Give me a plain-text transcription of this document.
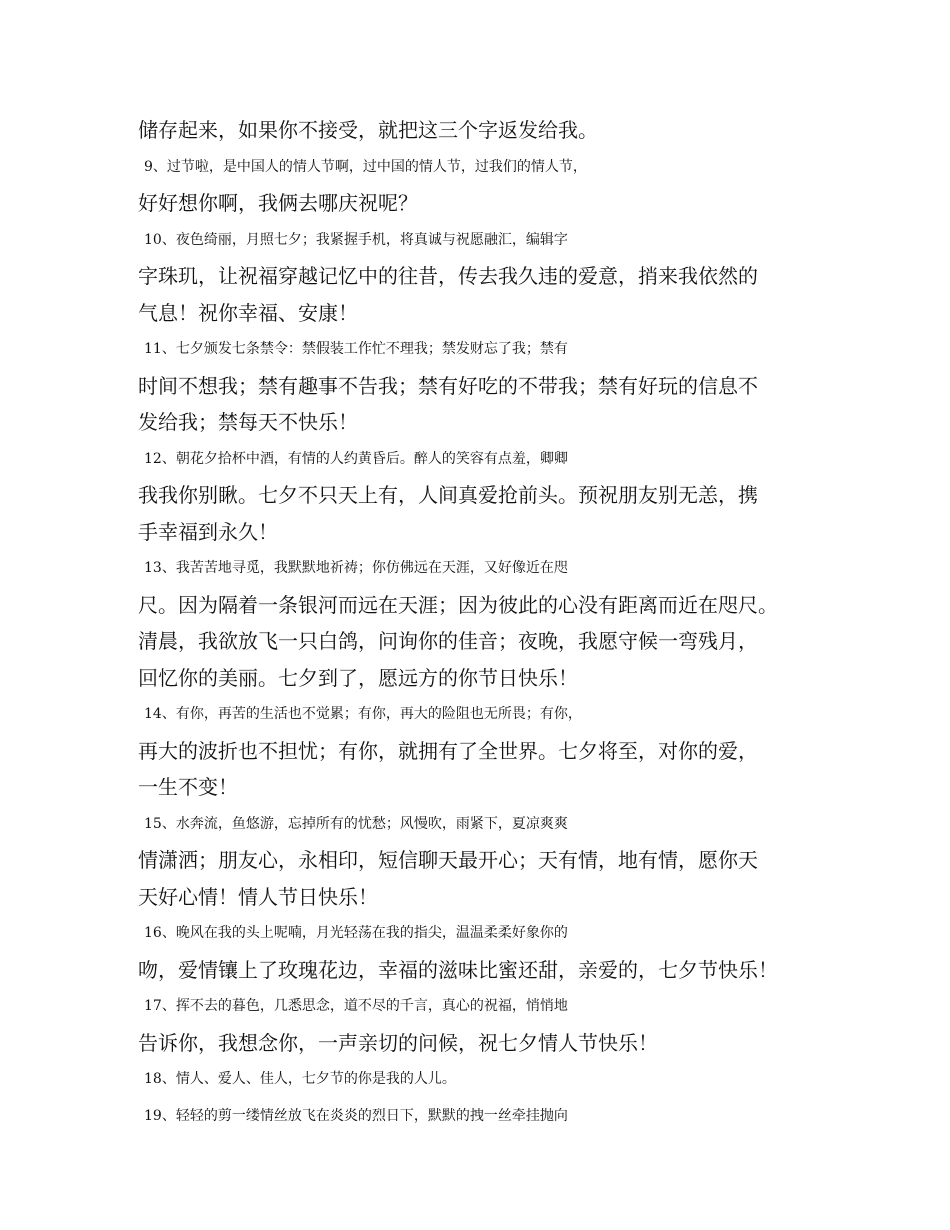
储存起来，如果你不接受，就把这三个字返发给我。
9、过节啦，是中国人的情人节啊，过中国的情人节，过我们的情人节，
好好想你啊，我俩去哪庆祝呢？
10、夜色绮丽，月照七夕；我紧握手机，将真诚与祝愿融汇，编辑字
字珠玑，让祝福穿越记忆中的往昔，传去我久违的爱意，捎来我依然的
气息！祝你幸福、安康！
11、七夕颁发七条禁令：禁假装工作忙不理我；禁发财忘了我；禁有
时间不想我；禁有趣事不告我；禁有好吃的不带我；禁有好玩的信息不
发给我；禁每天不快乐！
12、朝花夕拾杯中酒，有情的人约黄昏后。醉人的笑容有点羞，卿卿
我我你别瞅。七夕不只天上有，人间真爱抢前头。预祝朋友别无恙，携
手幸福到永久！
13、我苦苦地寻觅，我默默地祈祷；你仿佛远在天涯，又好像近在咫
尺。因为隔着一条银河而远在天涯；因为彼此的心没有距离而近在咫尺。
清晨，我欲放飞一只白鸽，问询你的佳音；夜晚，我愿守候一弯残月，
回忆你的美丽。七夕到了，愿远方的你节日快乐！
14、有你，再苦的生活也不觉累；有你，再大的险阻也无所畏；有你，
再大的波折也不担忧；有你，就拥有了全世界。七夕将至，对你的爱，
一生不变！
15、水奔流，鱼悠游，忘掉所有的忧愁；风慢吹，雨紧下，夏凉爽爽
情潇洒；朋友心，永相印，短信聊天最开心；天有情，地有情，愿你天
天好心情！情人节日快乐！
16、晚风在我的头上呢喃，月光轻荡在我的指尖，温温柔柔好象你的
吻，爱情镶上了玫瑰花边，幸福的滋味比蜜还甜，亲爱的，七夕节快乐！
17、挥不去的暮色，几悉思念，道不尽的千言，真心的祝福，悄悄地
告诉你，我想念你，一声亲切的问候，祝七夕情人节快乐！
18、情人、爱人、佳人，七夕节的你是我的人儿。
19、轻轻的剪一缕情丝放飞在炎炎的烈日下，默默的拽一丝牵挂抛向
